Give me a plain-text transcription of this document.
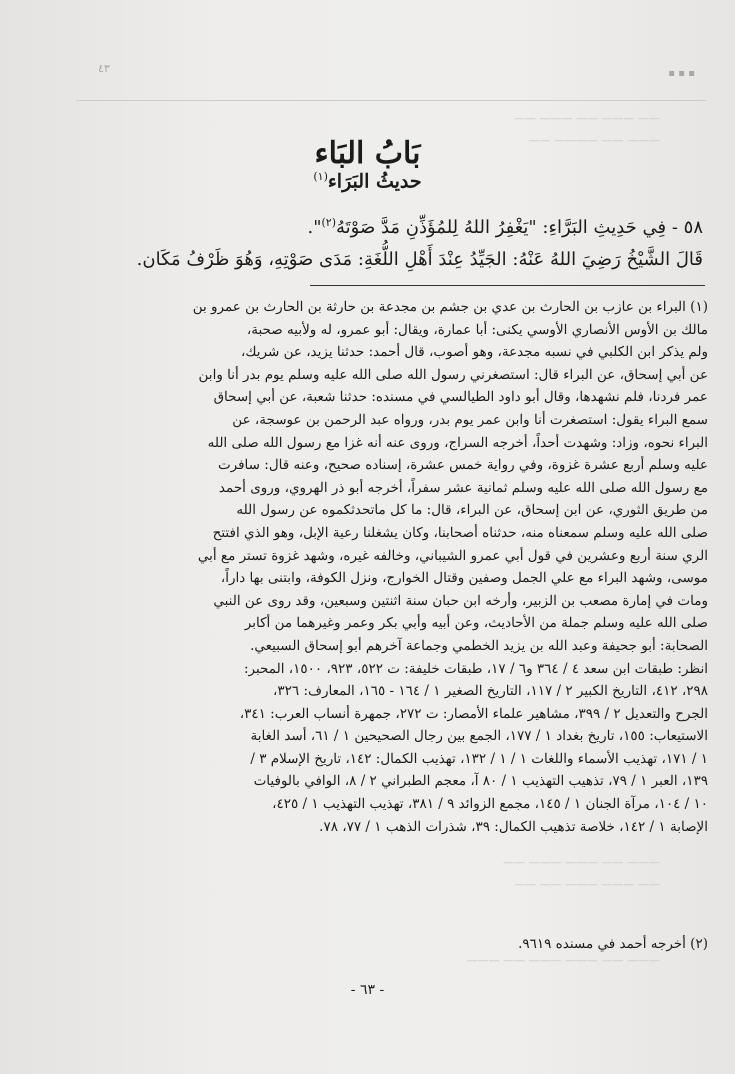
٤٣	▪ ▪ ▪
—— ——— —— ——— ——
——— —— ———— ——
——— —— ——— ——— ——
—— ——— ——— —— ——
——— —— ——— ——— —— ———
بَابُ البَاء
حديثُ البَرَاء$^{(١)}$

٥٨ - فِي حَدِيثِ البَرَّاءِ: "يَغْفِرُ اللهُ لِلمُؤَذِّنِ مَدَّ صَوْتَهُ$^{(٢)}$".

قَالَ الشَّيْخُ رَضِيَ اللهُ عَنْهُ: الجَيِّدُ عِنْدَ أَهْلِ اللُّغَةِ: مَدَى صَوْتِهِ، وَهُوَ ظَرْفُ مَكَان.

(١) البراء بن عازب بن الحارث بن عدي بن جشم بن مجدعة بن حارثة بن الحارث بن عمرو بن

مالك بن الأوس الأنصاري الأوسي يكنى: أبا عمارة، ويقال: أبو عمرو، له ولأبيه صحبة،

ولم يذكر ابن الكلبي في نسبه مجدعة، وهو أصوب، قال أحمد: حدثنا يزيد، عن شريك،

عن أبي إسحاق، عن البراء قال: استصغرني رسول الله صلى الله عليه وسلم يوم بدر أنا وابن

عمر فردنا، فلم نشهدها، وقال أبو داود الطيالسي في مسنده: حدثنا شعبة، عن أبي إسحاق

سمع البراء يقول: استصغرت أنا وابن عمر يوم بدر، ورواه عبد الرحمن بن عوسجة، عن

البراء نحوه، وزاد: وشهدت أحداً، أخرجه السراج، وروى عنه أنه غزا مع رسول الله صلى الله

عليه وسلم أربع عشرة غزوة، وفي رواية خمس عشرة، إسناده صحيح، وعنه قال: سافرت

مع رسول الله صلى الله عليه وسلم ثمانية عشر سفراً، أخرجه أبو ذر الهروي، وروى أحمد

من طريق الثوري، عن ابن إسحاق، عن البراء، قال: ما كل ماتحدثكموه عن رسول الله

صلى الله عليه وسلم سمعناه منه، حدثناه أصحابنا، وكان يشغلنا رعية الإبل، وهو الذي افتتح

الري سنة أربع وعشرين في قول أبي عمرو الشيباني، وخالفه غيره، وشهد غزوة تستر مع أبي

موسى، وشهد البراء مع علي الجمل وصفين وقتال الخوارج، ونزل الكوفة، وابتنى بها داراً،

ومات في إمارة مصعب بن الزبير، وأرخه ابن حبان سنة اثنتين وسبعين، وقد روى عن النبي

صلى الله عليه وسلم جملة من الأحاديث، وعن أبيه وأبي بكر وعمر وغيرهما من أكابر

الصحابة: أبو جحيفة وعبد الله بن يزيد الخطمي وجماعة آخرهم أبو إسحاق السبيعي.

انظر: طبقات ابن سعد ٤ / ٣٦٤ و٦ / ١٧، طبقات خليفة: ت ٥٢٢، ٩٢٣، ١٥٠٠، المحبر:

٢٩٨، ٤١٢، التاريخ الكبير ٢ / ١١٧، التاريخ الصغير ١ / ١٦٤ - ١٦٥، المعارف: ٣٢٦،

الجرح والتعديل ٢ / ٣٩٩، مشاهير علماء الأمصار: ت ٢٧٢، جمهرة أنساب العرب: ٣٤١،

الاستيعاب: ١٥٥، تاريخ بغداد ١ / ١٧٧، الجمع بين رجال الصحيحين ١ / ٦١، أسد الغابة

١ / ١٧١، تهذيب الأسماء واللغات ١ / ١ / ١٣٢، تهذيب الكمال: ١٤٢، تاريخ الإسلام ٣ /

١٣٩، العبر ١ / ٧٩، تذهيب التهذيب ١ / ٨٠ آ، معجم الطبراني ٢ / ٨، الوافي بالوفيات

١٠ / ١٠٤، مرآة الجنان ١ / ١٤٥، مجمع الزوائد ٩ / ٣٨١، تهذيب التهذيب ١ / ٤٢٥،

الإصابة ١ / ١٤٢، خلاصة تذهيب الكمال: ٣٩، شذرات الذهب ١ / ٧٧، ٧٨.

(٢) أخرجه أحمد في مسنده ٩٦١٩.
- ٦٣ -
